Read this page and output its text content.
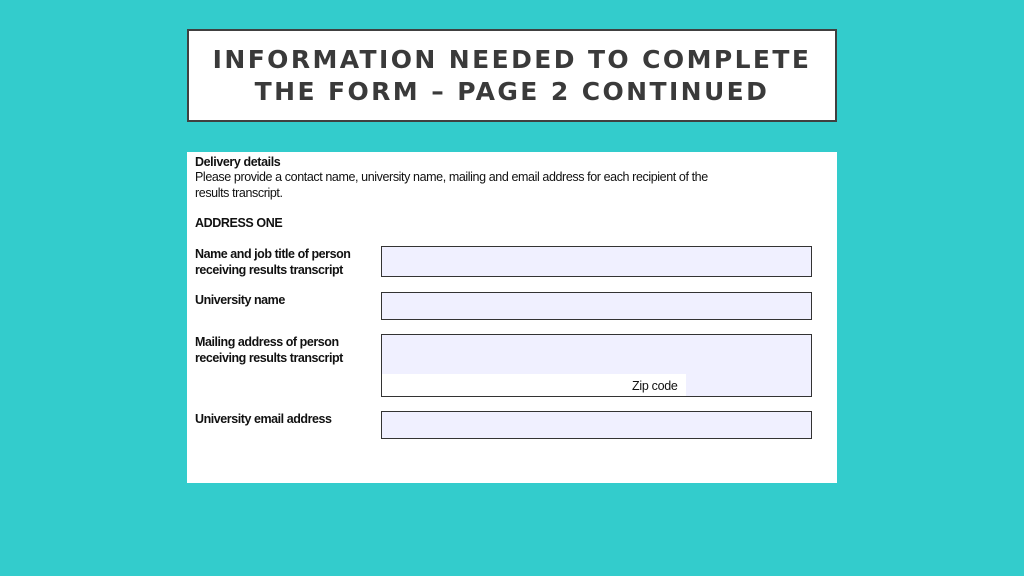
INFORMATION NEEDED TO COMPLETE
THE FORM – PAGE 2 CONTINUED
Delivery details
Please provide a contact name, university name, mailing and email address for each recipient of the
results transcript.
ADDRESS ONE
Name and job title of person
receiving results transcript
University name
Mailing address of person
receiving results transcript
Zip code
University email address
